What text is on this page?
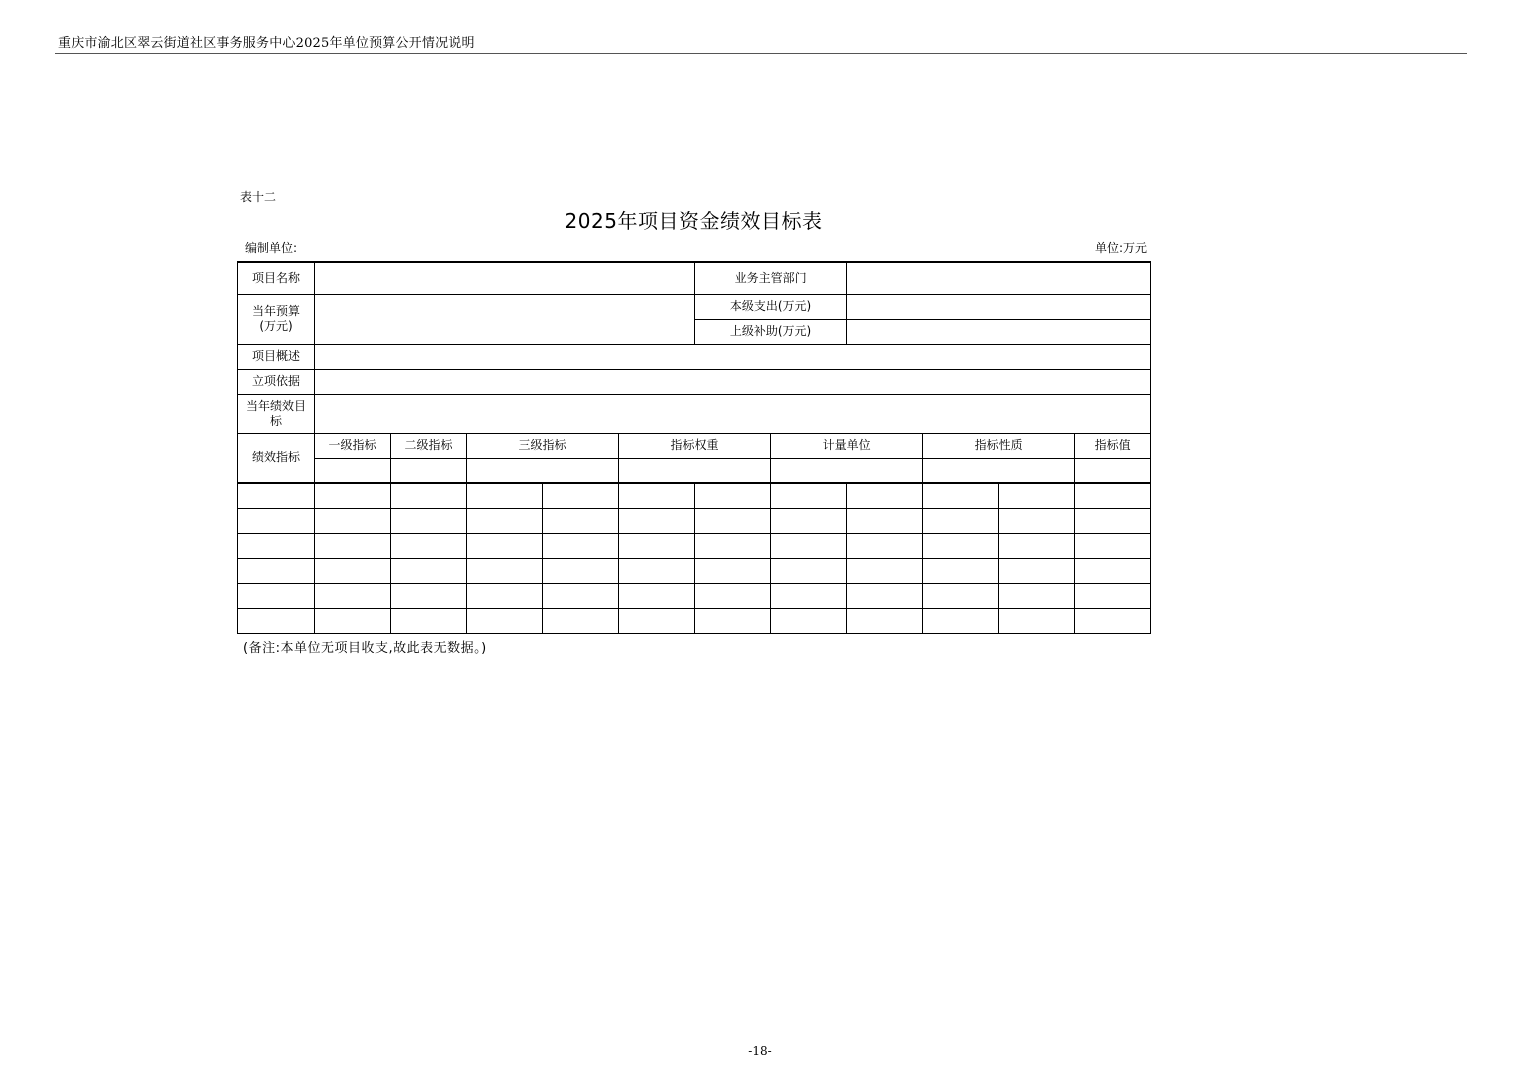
重庆市渝北区翠云街道社区事务服务中心2025年单位预算公开情况说明
表十二
2025年项目资金绩效目标表
编制单位:	单位:万元
项目名称						业务主管部门					

当年预算
(万元)						本级支出(万元)					
						上级补助(万元)					
项目概述											
立项依据											

当年绩效目
标											

绩效指标	一级指标	二级指标	三级指标		指标权重		计量单位		指标性质		指标值

(备注:本单位无项目收支,故此表无数据。)
-18-
